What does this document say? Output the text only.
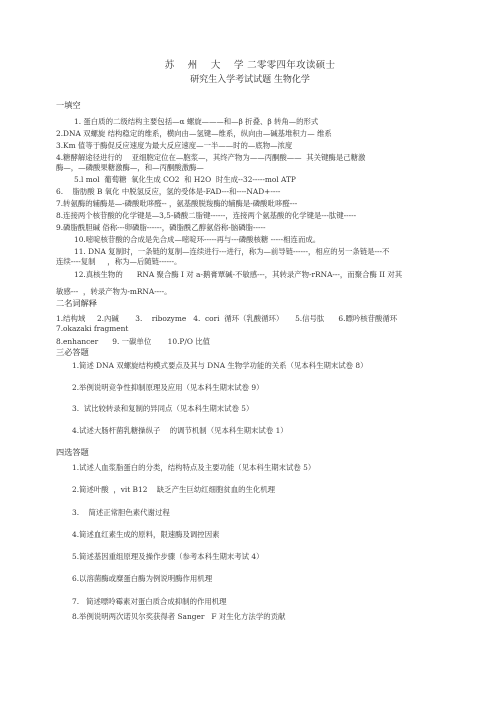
苏    州    大    学 二零零四年攻读硕士
研究生入学考试试题 生物化学
一填空
1. 蛋白质的二级结构主要包括—α 螺旋———和—β 折叠、β 转角—的形式
2.DNA 双螺旋 结构稳定的维系，横向由—氢键—维系，纵向由—碱基堆积力— 维系
3.Km 值等于酶促反应速度为最大反应速度—一半——时的—底物—浓度
4.糖酵解途径进行的    亚细胞定位在—胞浆—，其终产物为——丙酮酸——  其关键酶是己糖激
酶—，—磷酸果糖激酶—，和—丙酮酸激酶—
5.l mol  葡萄糖  氧化生成 CO2  和 H2O  时生成--32-----mol ATP
6.    脂肪酸 B 氧化 中脱氢反应，氢的受体是-FAD---和----NAD+----
7.转氨酶的辅酶是—-磷酸吡哆醛-- ，氨基酸脱羧酶的辅酶是-磷酸吡哆醛---
8.连接两个核苷酸的化学键是—3,5-磷酸二脂键------，连接两个氨基酸的化学键是---肽键-----
9.磷脂酰胆碱 俗称---卵磷脂------，磷脂酰乙醇氨俗称-脑磷脂-----
10.嘧啶核苷酸的合成是先合成—嘧啶环-----再与---磷酸核糖 -----相连而成。
11. DNA 复制时，一条链的复制—连续进行---进行，称为—前导链------，相应的另一条链是---不
连续----复制     ，称为—后随链------。
12.真核生物的      RNA 聚合酶 I 对 a-鹅膏覃碱-不敏感---，其转录产物-rRNA---，而聚合酶 II 对其
敏感---  ，转录产物为-mRNA----。
二名词解释
1.结构域     2.內碱       3.    ribozyme   4.  cori  循环（乳酸循环）     5.信号肽      6.瞟吟核苷酸循环
7.okazaki fragment
8.enhancer      9. 一碳单位       10.P/O 比值
三必答题
1.简述 DNA 双螺旋结构模式要点及其与 DNA 生物学功能的关系（见本科生期末试卷 8）
2.举例说明竞争性抑制原理及应用（见本科生期末试卷 9）
3.  试比较转录和复制的异同点（见本科生期末试卷 5）
4.试述大肠杆菌乳糖操纵子    的调节机制（见本科生期末试卷 1）
四选答题
1.试述人血浆脂蛋白的分类，结构特点及主要功能（见本科生期末试卷 5）
2.简述叶酸  ，vit B12    缺乏产生巨幼红细胞贫血的生化机理
3.    简述正常胆色素代谢过程
4.简述血红素生成的原料，限速酶及调控因素
5.简述基因重组原理及操作步骤（参考本科生期末考试 4）
6.以溶菌酶或糜蛋白酶为例说明酶作用机理
7.   简述嘌呤霉素对蛋白质合成抑制的作用机理
8.举例说明两次诺贝尔奖获得者 Sanger   F 对生化方法学的贡献
